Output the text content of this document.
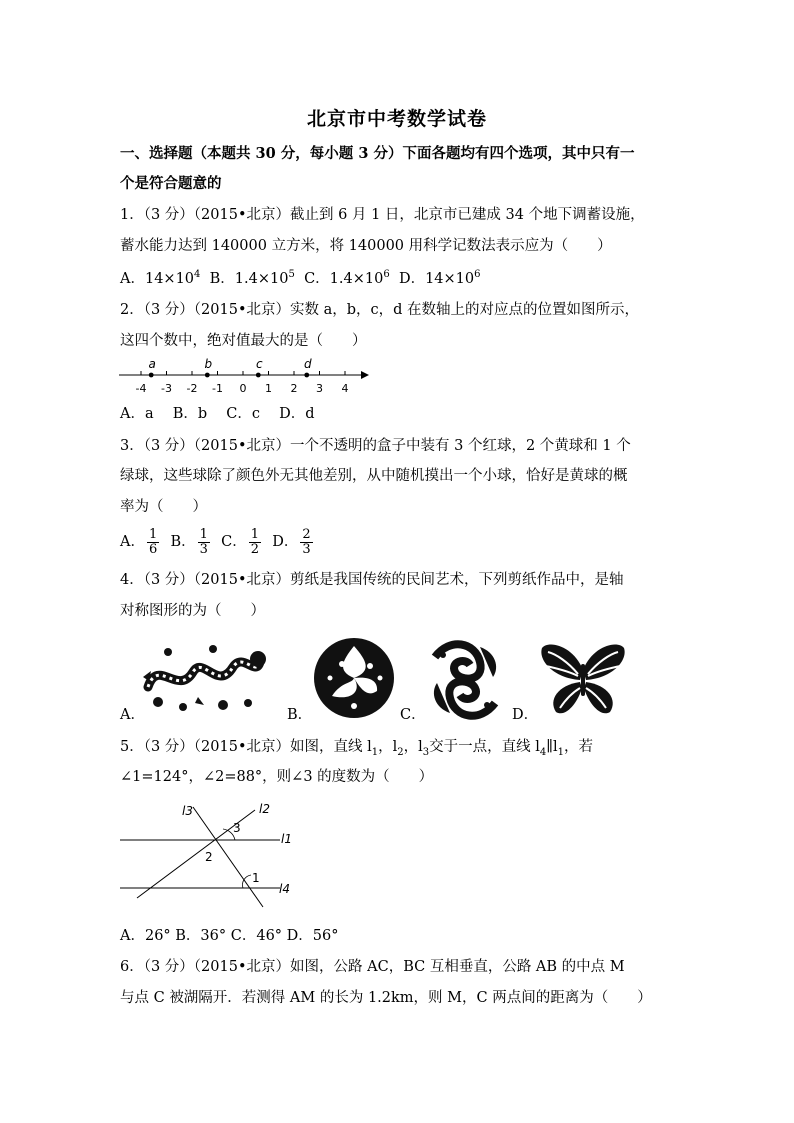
北京市中考数学试卷
一、选择题（本题共 30 分，每小题 3 分）下面各题均有四个选项，其中只有一
个是符合题意的
1．（3 分）（2015•北京）截止到 6 月 1 日，北京市已建成 34 个地下调蓄设施，
蓄水能力达到 140000 立方米，将 140000 用科学记数法表示应为（　　）
A．$14\times 10^4$ B．$1.4\times 10^5$ C．$1.4\times 10^6$ D．$14\times 10^6$
2．（3 分）（2015•北京）实数 a，b，c，d 在数轴上的对应点的位置如图所示，
这四个数中，绝对值最大的是（　　）
-4 -3 -2 -1 0 1 2 3 4
a	b	c	d
A．a　 B．b　 C．c　 D．d
3．（3 分）（2015•北京）一个不透明的盒子中装有 3 个红球，2 个黄球和 1 个
绿球，这些球除了颜色外无其他差别，从中随机摸出一个小球，恰好是黄球的概
率为（　　）
A． $\frac{1}{6}$ B． $\frac{1}{3}$ C． $\frac{1}{2}$ D． $\frac{2}{3}$
4．（3 分）（2015•北京）剪纸是我国传统的民间艺术，下列剪纸作品中，是轴
对称图形的为（　　）
A．	B．	C．	D．
5．（3 分）（2015•北京）如图，直线 $l_1$，$l_2$，$l_3$交于一点，直线 $l_4\parallel l_1$，若
∠1=124°，∠2=88°，则∠3 的度数为（　　）
l3	l2
l1
l4
3
2
1
A．26° B．36° C．46° D．56°
6．（3 分）（2015•北京）如图，公路 AC，BC 互相垂直，公路 AB 的中点 M
与点 C 被湖隔开．若测得 AM 的长为 1.2km，则 M，C 两点间的距离为（　　）
